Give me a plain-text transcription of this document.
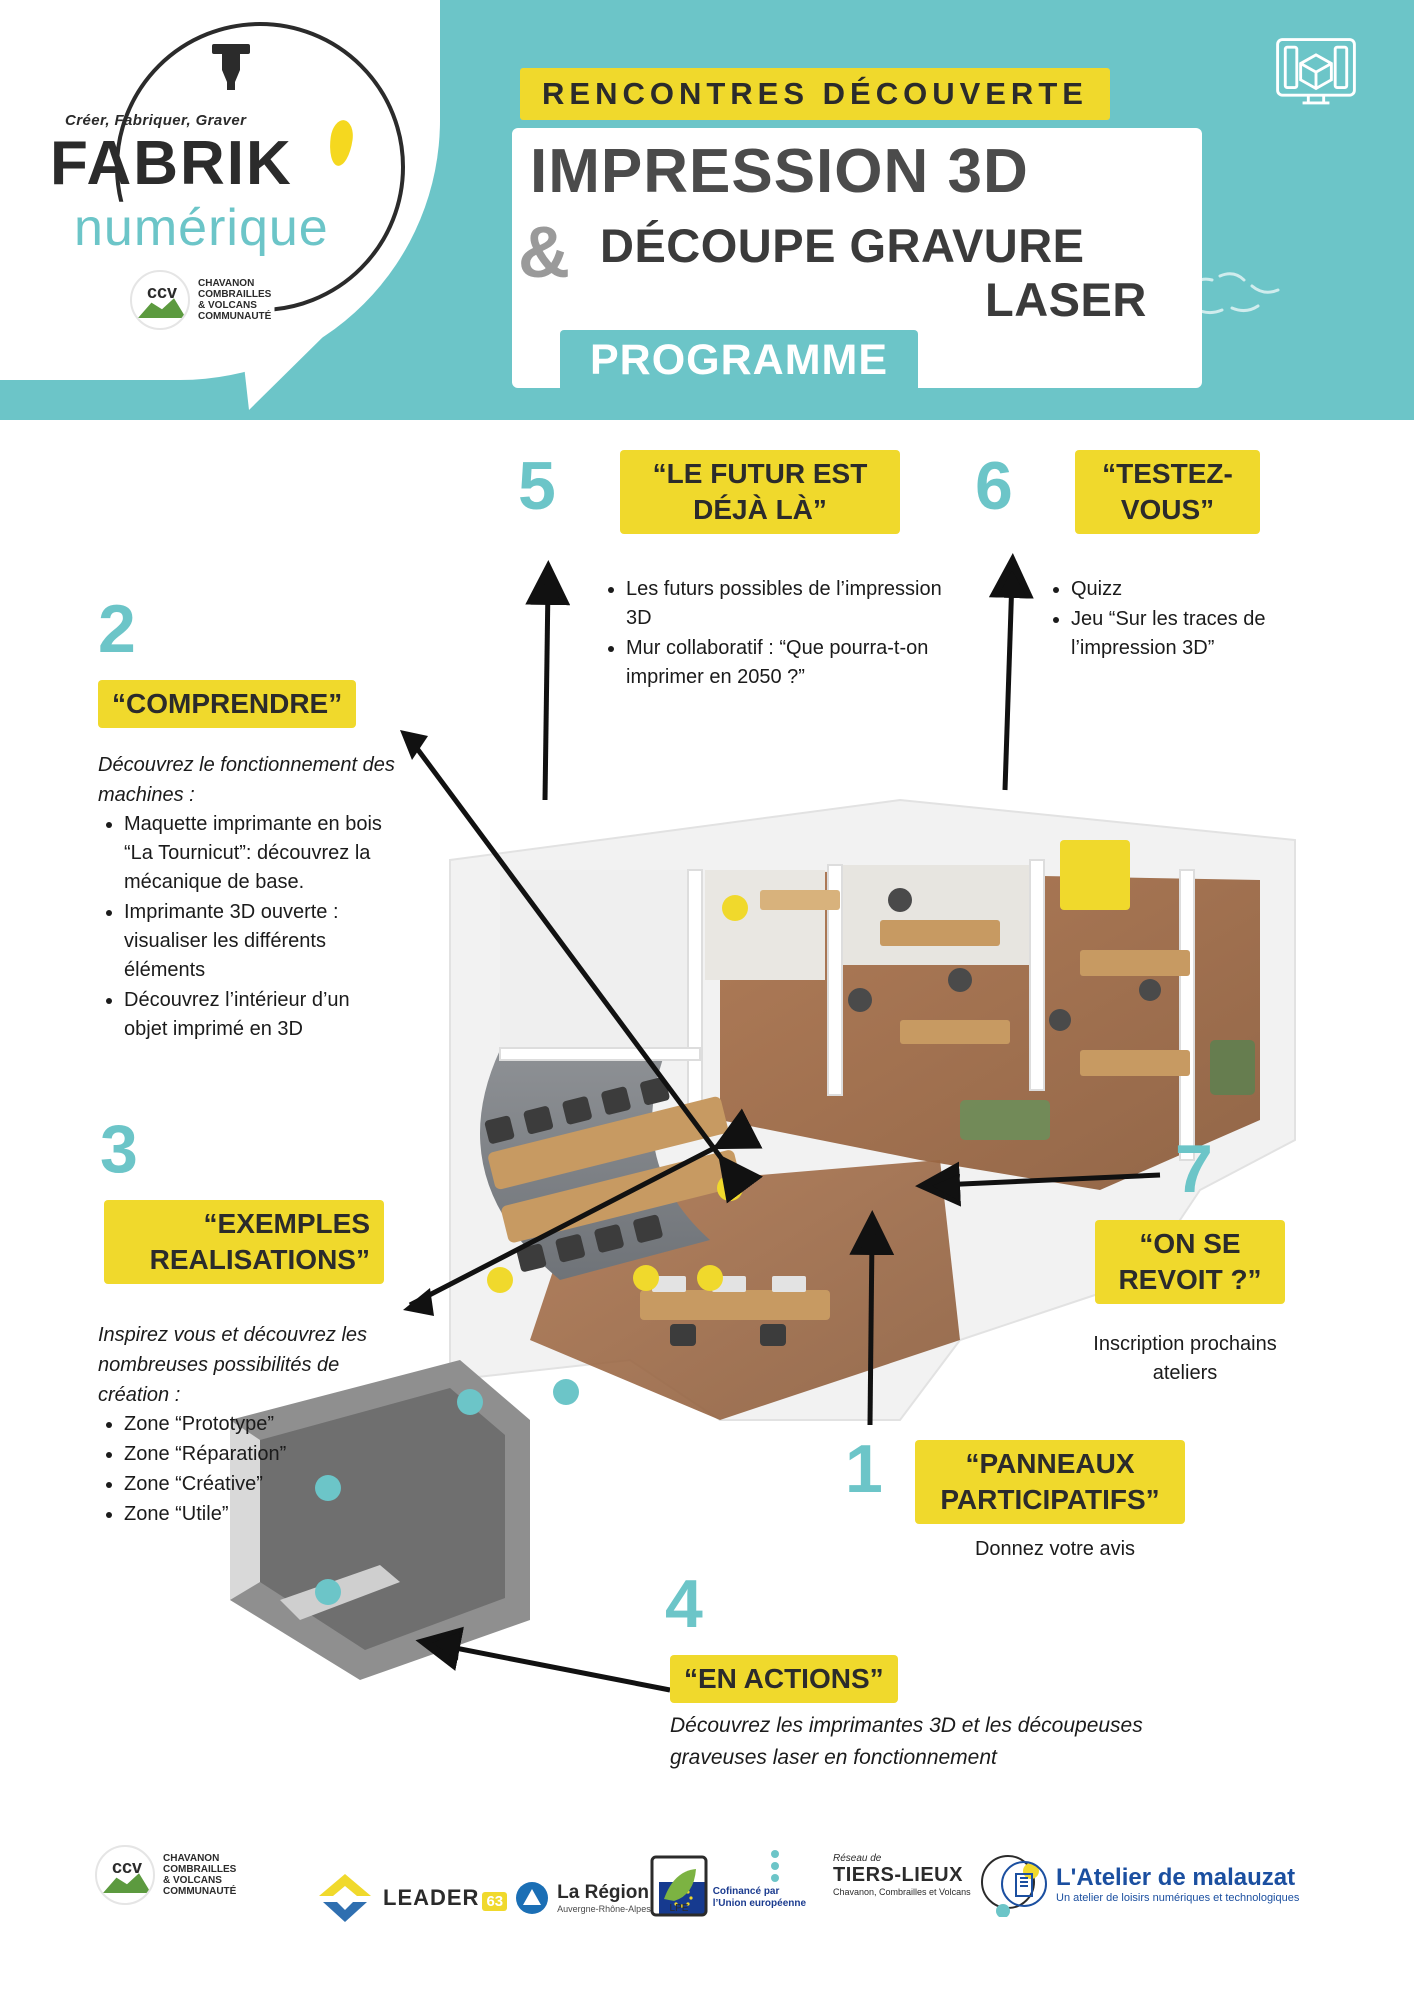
Créer, Fabriquer, Graver
FABRIK
numérique
ccv	CHAVANON
COMBRAILLES
& VOLCANS
COMMUNAUTÉ
RENCONTRES DÉCOUVERTE
IMPRESSION 3D
& DÉCOUPE GRAVURE
LASER
PROGRAMME
5	“LE FUTUR EST DÉJÀ LÀ”
• Les futurs possibles de l’impression 3D
• Mur collaboratif : “Que pourra-t-on imprimer en 2050 ?”
6	“TESTEZ-VOUS”
• Quizz
• Jeu “Sur les traces de l’impression 3D”
2
“COMPRENDRE”
Découvrez le fonctionnement des machines :
• Maquette imprimante en bois “La Tournicut”: découvrez la mécanique de base.
• Imprimante 3D ouverte : visualiser les différents éléments
• Découvrez l’intérieur d’un objet imprimé en 3D
3
“EXEMPLES REALISATIONS”
Inspirez vous et découvrez les nombreuses possibilités de création :
• Zone “Prototype”
• Zone “Réparation”
• Zone “Créative”
• Zone “Utile”
7
“ON SE REVOIT ?”

Inscription prochains ateliers

1	“PANNEAUX PARTICIPATIFS”

Donnez votre avis

4
“EN ACTIONS”

Découvrez les imprimantes 3D et les découpeuses graveuses laser en fonctionnement

ccv	CHAVANON
COMBRAILLES
& VOLCANS
COMMUNAUTÉ	LEADER 63	La Région
Auvergne-Rhône-Alpes
Cofinancé par
l’Union européenne
LPE
Réseau de
TIERS-LIEUX
Chavanon, Combrailles et Volcans
L'Atelier de malauzat
Un atelier de loisirs numériques et technologiques
